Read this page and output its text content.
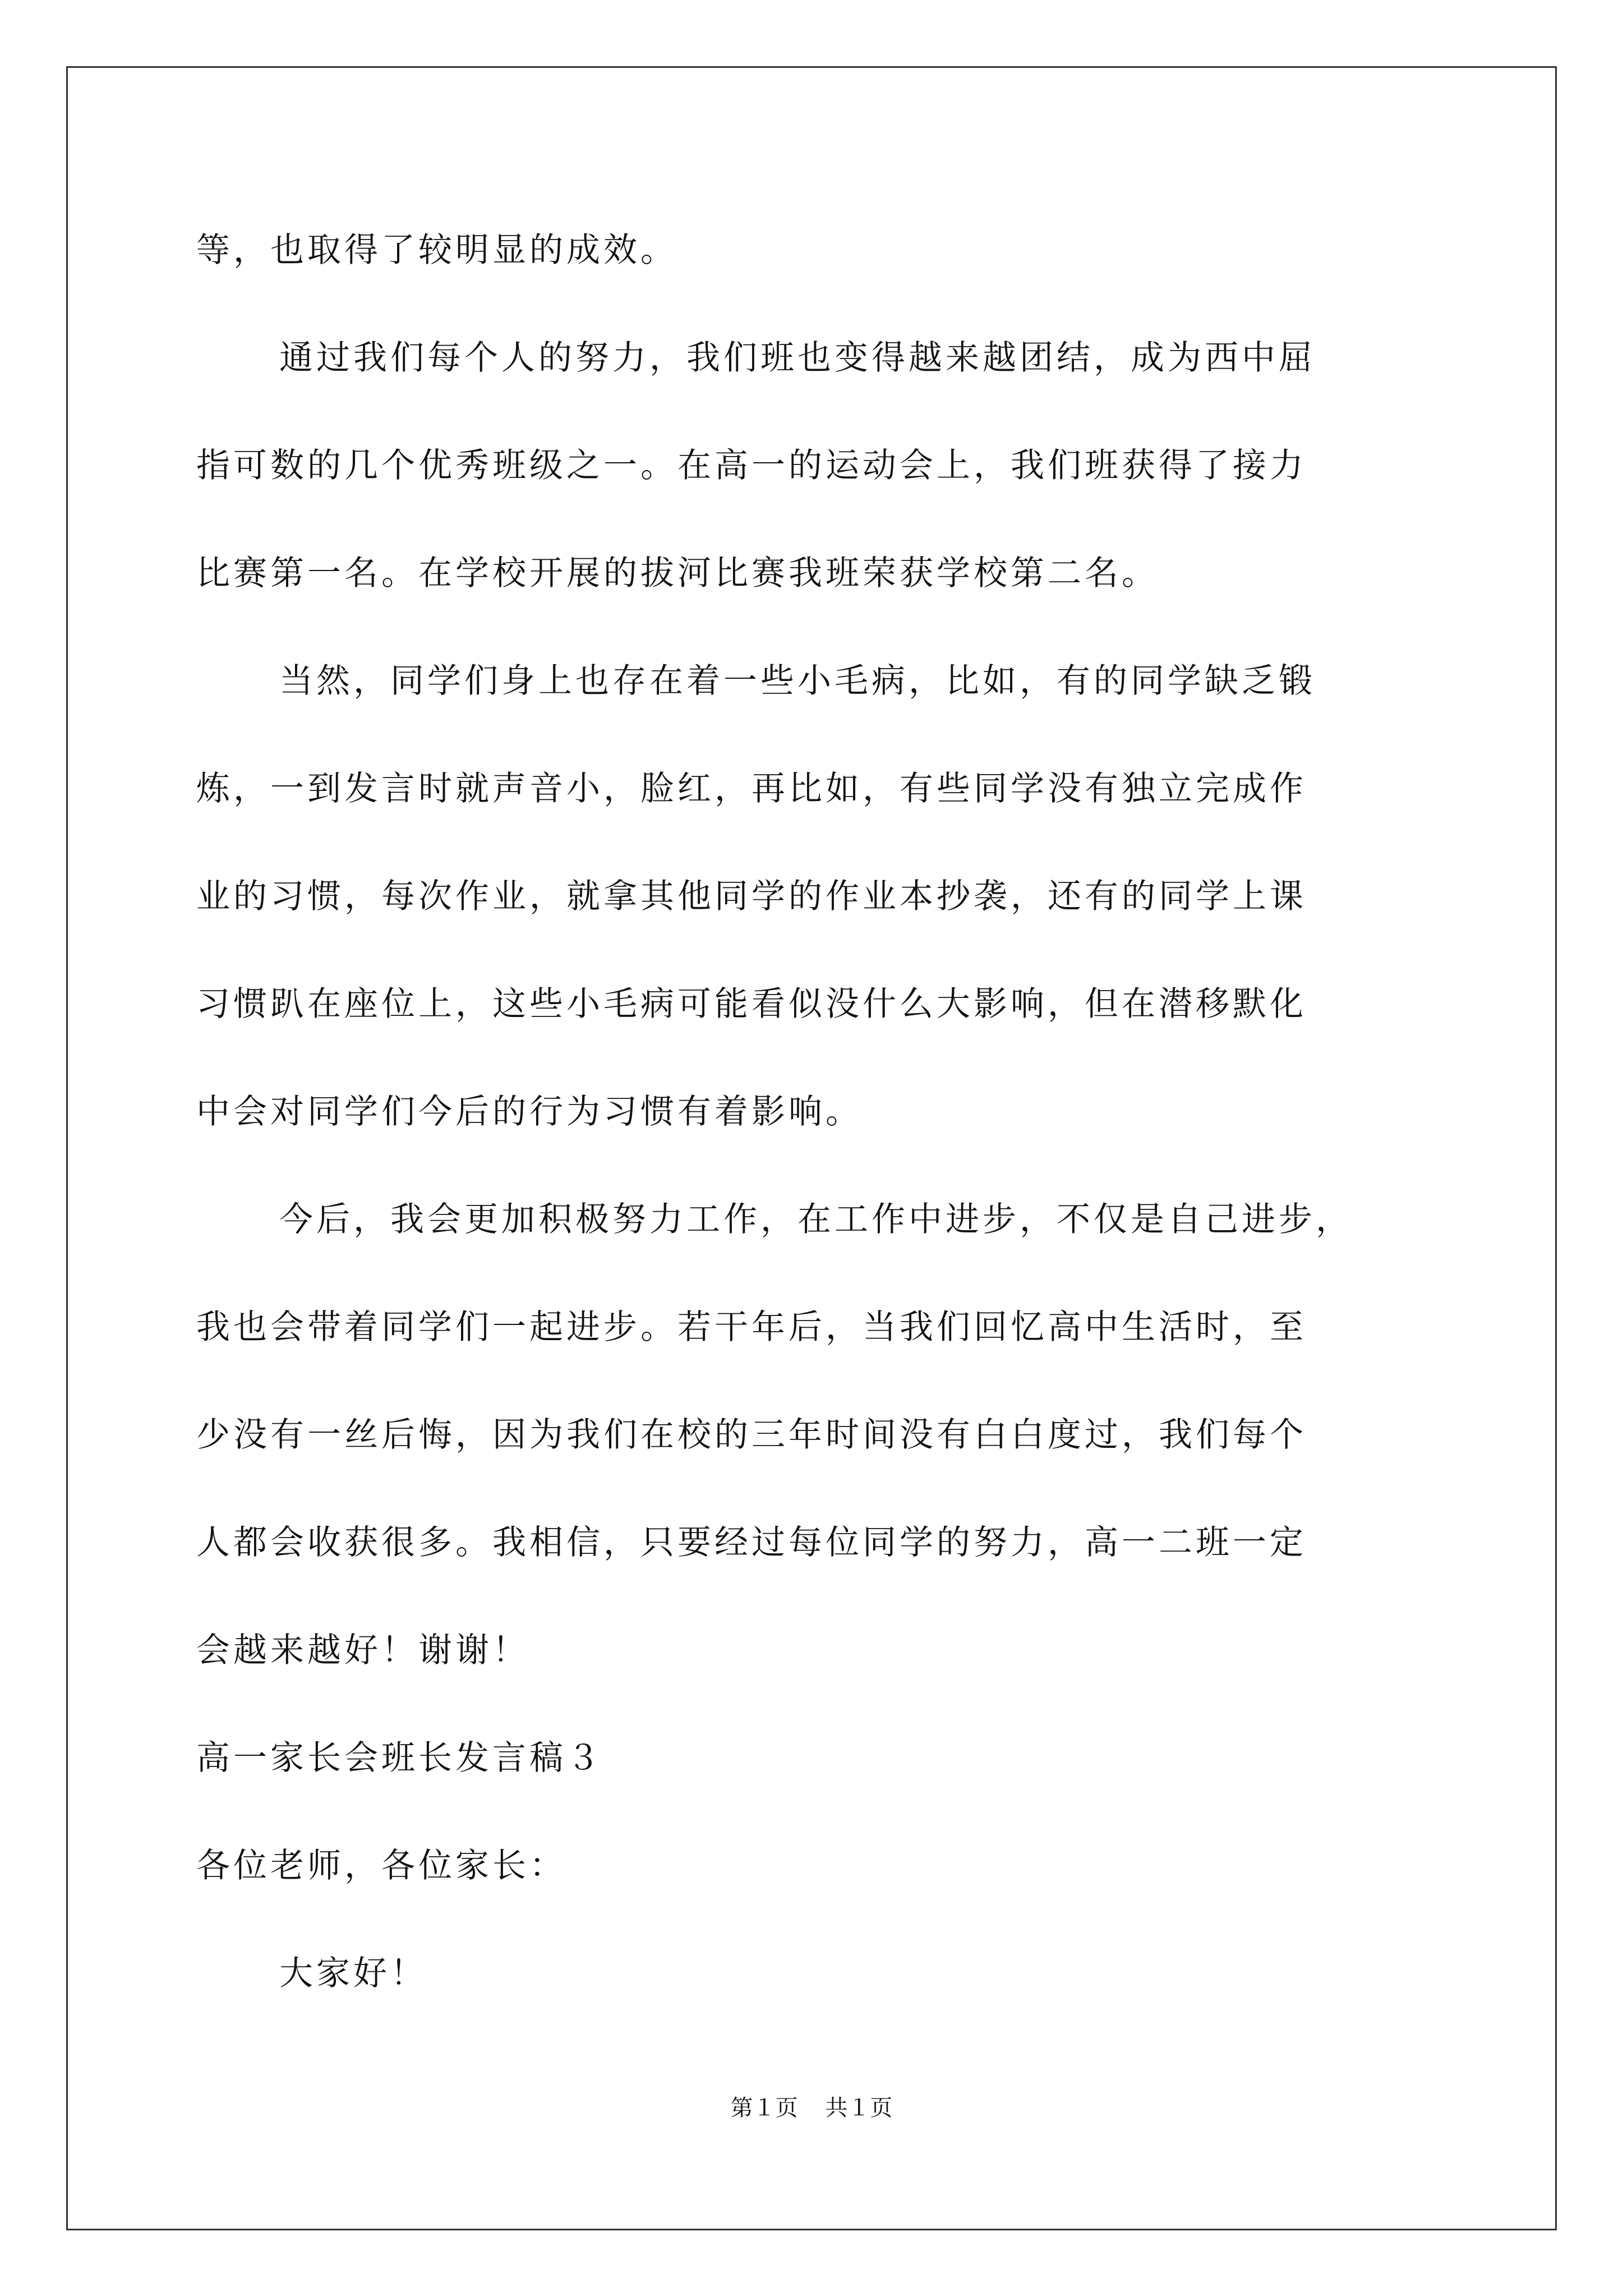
等，也取得了较明显的成效。

通过我们每个人的努力，我们班也变得越来越团结，成为西中屈
指可数的几个优秀班级之一。在高一的运动会上，我们班获得了接力
比赛第一名。在学校开展的拔河比赛我班荣获学校第二名。

当然，同学们身上也存在着一些小毛病，比如，有的同学缺乏锻
炼，一到发言时就声音小，脸红，再比如，有些同学没有独立完成作
业的习惯，每次作业，就拿其他同学的作业本抄袭，还有的同学上课
习惯趴在座位上，这些小毛病可能看似没什么大影响，但在潜移默化
中会对同学们今后的行为习惯有着影响。

今后，我会更加积极努力工作，在工作中进步，不仅是自己进步，
我也会带着同学们一起进步。若干年后，当我们回忆高中生活时，至
少没有一丝后悔，因为我们在校的三年时间没有白白度过，我们每个
人都会收获很多。我相信，只要经过每位同学的努力，高一二班一定
会越来越好！谢谢！

高一家长会班长发言稿３

各位老师，各位家长：

大家好！

第１页 共１页
